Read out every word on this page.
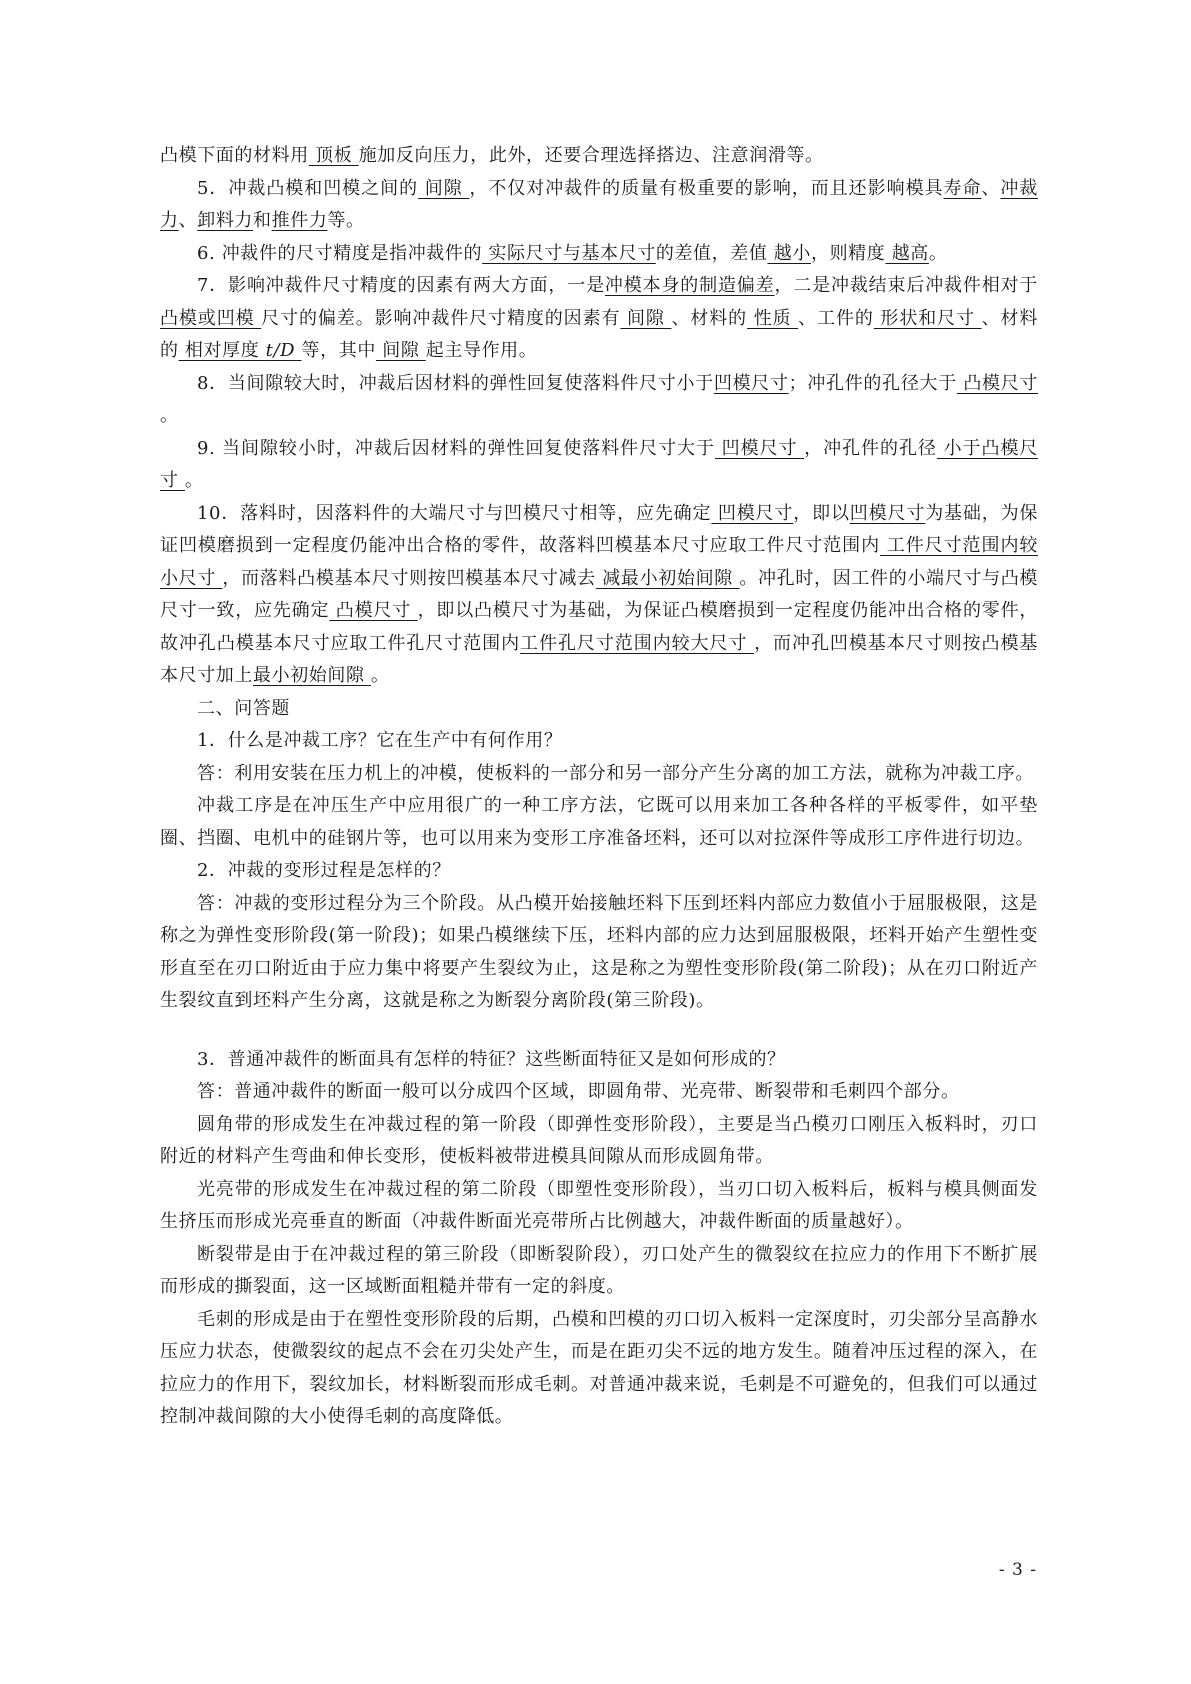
凸模下面的材料用 顶板 施加反向压力，此外，还要合理选择搭边、注意润滑等。

5．冲裁凸模和凹模之间的 间隙 ，不仅对冲裁件的质量有极重要的影响，而且还影响模具寿命、冲裁力、卸料力和推件力等。

6. 冲裁件的尺寸精度是指冲裁件的 实际尺寸与基本尺寸的差值，差值 越小，则精度 越高。

7．影响冲裁件尺寸精度的因素有两大方面，一是冲模本身的制造偏差，二是冲裁结束后冲裁件相对于 凸模或凹模 尺寸的偏差。影响冲裁件尺寸精度的因素有 间隙 、材料的 性质 、工件的 形状和尺寸 、材料的 相对厚度 t/D 等，其中 间隙 起主导作用。

8．当间隙较大时，冲裁后因材料的弹性回复使落料件尺寸小于凹模尺寸；冲孔件的孔径大于 凸模尺寸 。

9. 当间隙较小时，冲裁后因材料的弹性回复使落料件尺寸大于 凹模尺寸 ，冲孔件的孔径 小于凸模尺寸 。

10．落料时，因落料件的大端尺寸与凹模尺寸相等，应先确定 凹模尺寸，即以凹模尺寸为基础，为保证凹模磨损到一定程度仍能冲出合格的零件，故落料凹模基本尺寸应取工件尺寸范围内 工件尺寸范围内较小尺寸 ，而落料凸模基本尺寸则按凹模基本尺寸减去 减最小初始间隙 。冲孔时，因工件的小端尺寸与凸模尺寸一致，应先确定 凸模尺寸 ，即以凸模尺寸为基础，为保证凸模磨损到一定程度仍能冲出合格的零件，故冲孔凸模基本尺寸应取工件孔尺寸范围内工件孔尺寸范围内较大尺寸 ，而冲孔凹模基本尺寸则按凸模基本尺寸加上最小初始间隙 。

二、问答题

1．什么是冲裁工序？它在生产中有何作用？

答：利用安装在压力机上的冲模，使板料的一部分和另一部分产生分离的加工方法，就称为冲裁工序。

冲裁工序是在冲压生产中应用很广的一种工序方法，它既可以用来加工各种各样的平板零件，如平垫圈、挡圈、电机中的硅钢片等，也可以用来为变形工序准备坯料，还可以对拉深件等成形工序件进行切边。

2．冲裁的变形过程是怎样的？

答：冲裁的变形过程分为三个阶段。从凸模开始接触坯料下压到坯料内部应力数值小于屈服极限，这是称之为弹性变形阶段(第一阶段)；如果凸模继续下压，坯料内部的应力达到屈服极限，坯料开始产生塑性变形直至在刃口附近由于应力集中将要产生裂纹为止，这是称之为塑性变形阶段(第二阶段)；从在刃口附近产生裂纹直到坯料产生分离，这就是称之为断裂分离阶段(第三阶段)。

3．普通冲裁件的断面具有怎样的特征？这些断面特征又是如何形成的？

答：普通冲裁件的断面一般可以分成四个区域，即圆角带、光亮带、断裂带和毛刺四个部分。

圆角带的形成发生在冲裁过程的第一阶段（即弹性变形阶段），主要是当凸模刃口刚压入板料时，刃口附近的材料产生弯曲和伸长变形，使板料被带进模具间隙从而形成圆角带。

光亮带的形成发生在冲裁过程的第二阶段（即塑性变形阶段），当刃口切入板料后，板料与模具侧面发生挤压而形成光亮垂直的断面（冲裁件断面光亮带所占比例越大，冲裁件断面的质量越好）。

断裂带是由于在冲裁过程的第三阶段（即断裂阶段），刃口处产生的微裂纹在拉应力的作用下不断扩展而形成的撕裂面，这一区域断面粗糙并带有一定的斜度。

毛刺的形成是由于在塑性变形阶段的后期，凸模和凹模的刃口切入板料一定深度时，刃尖部分呈高静水压应力状态，使微裂纹的起点不会在刃尖处产生，而是在距刃尖不远的地方发生。随着冲压过程的深入，在拉应力的作用下，裂纹加长，材料断裂而形成毛刺。对普通冲裁来说，毛刺是不可避免的，但我们可以通过控制冲裁间隙的大小使得毛刺的高度降低。

- 3 -
